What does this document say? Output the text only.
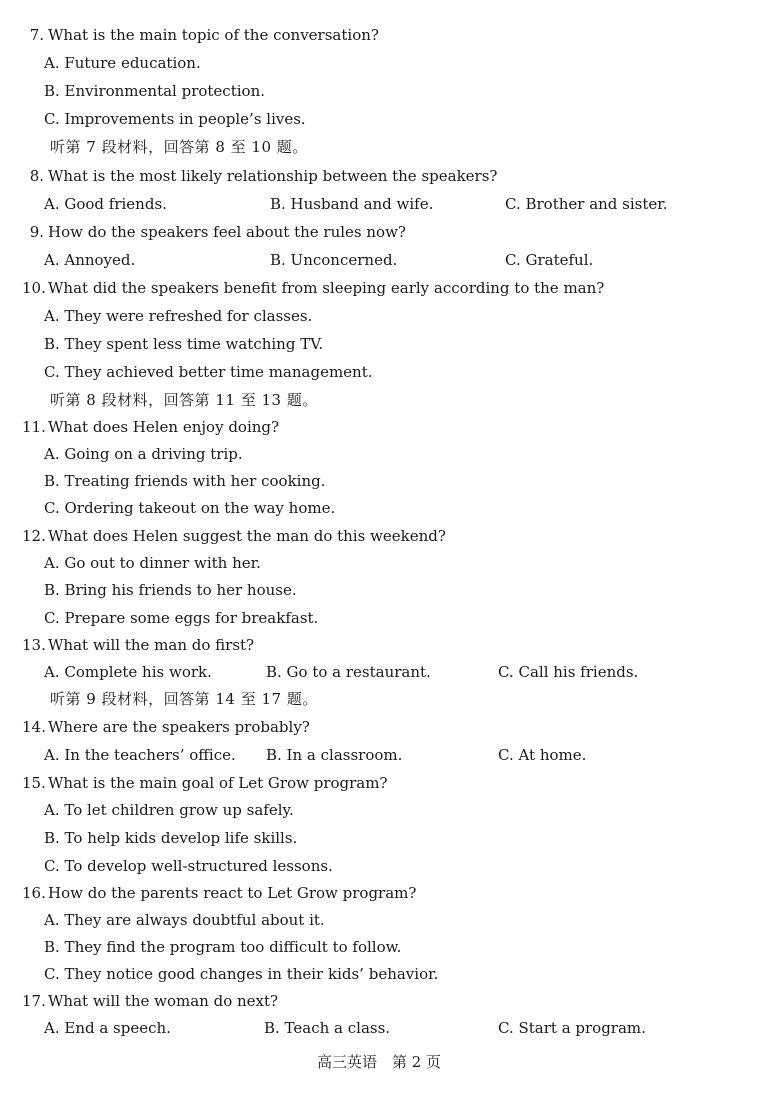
7. What is the main topic of the conversation?
A. Future education.
B. Environmental protection.
C. Improvements in people’s lives.
听第 7 段材料，回答第 8 至 10 题。
8. What is the most likely relationship between the speakers?
A. Good friends.	B. Husband and wife.	C. Brother and sister.
9. How do the speakers feel about the rules now?
A. Annoyed.	B. Unconcerned.	C. Grateful.
10. What did the speakers benefit from sleeping early according to the man?
A. They were refreshed for classes.
B. They spent less time watching TV.
C. They achieved better time management.
听第 8 段材料，回答第 11 至 13 题。
11. What does Helen enjoy doing?
A. Going on a driving trip.
B. Treating friends with her cooking.
C. Ordering takeout on the way home.
12. What does Helen suggest the man do this weekend?
A. Go out to dinner with her.
B. Bring his friends to her house.
C. Prepare some eggs for breakfast.
13. What will the man do first?
A. Complete his work.	B. Go to a restaurant.	C. Call his friends.
听第 9 段材料，回答第 14 至 17 题。
14. Where are the speakers probably?
A. In the teachers’ office. B. In a classroom.	C. At home.
15. What is the main goal of Let Grow program?
A. To let children grow up safely.
B. To help kids develop life skills.
C. To develop well-structured lessons.
16. How do the parents react to Let Grow program?
A. They are always doubtful about it.
B. They find the program too difficult to follow.
C. They notice good changes in their kids’ behavior.
17. What will the woman do next?
A. End a speech.	B. Teach a class.	C. Start a program.
高三英语　第 2 页
